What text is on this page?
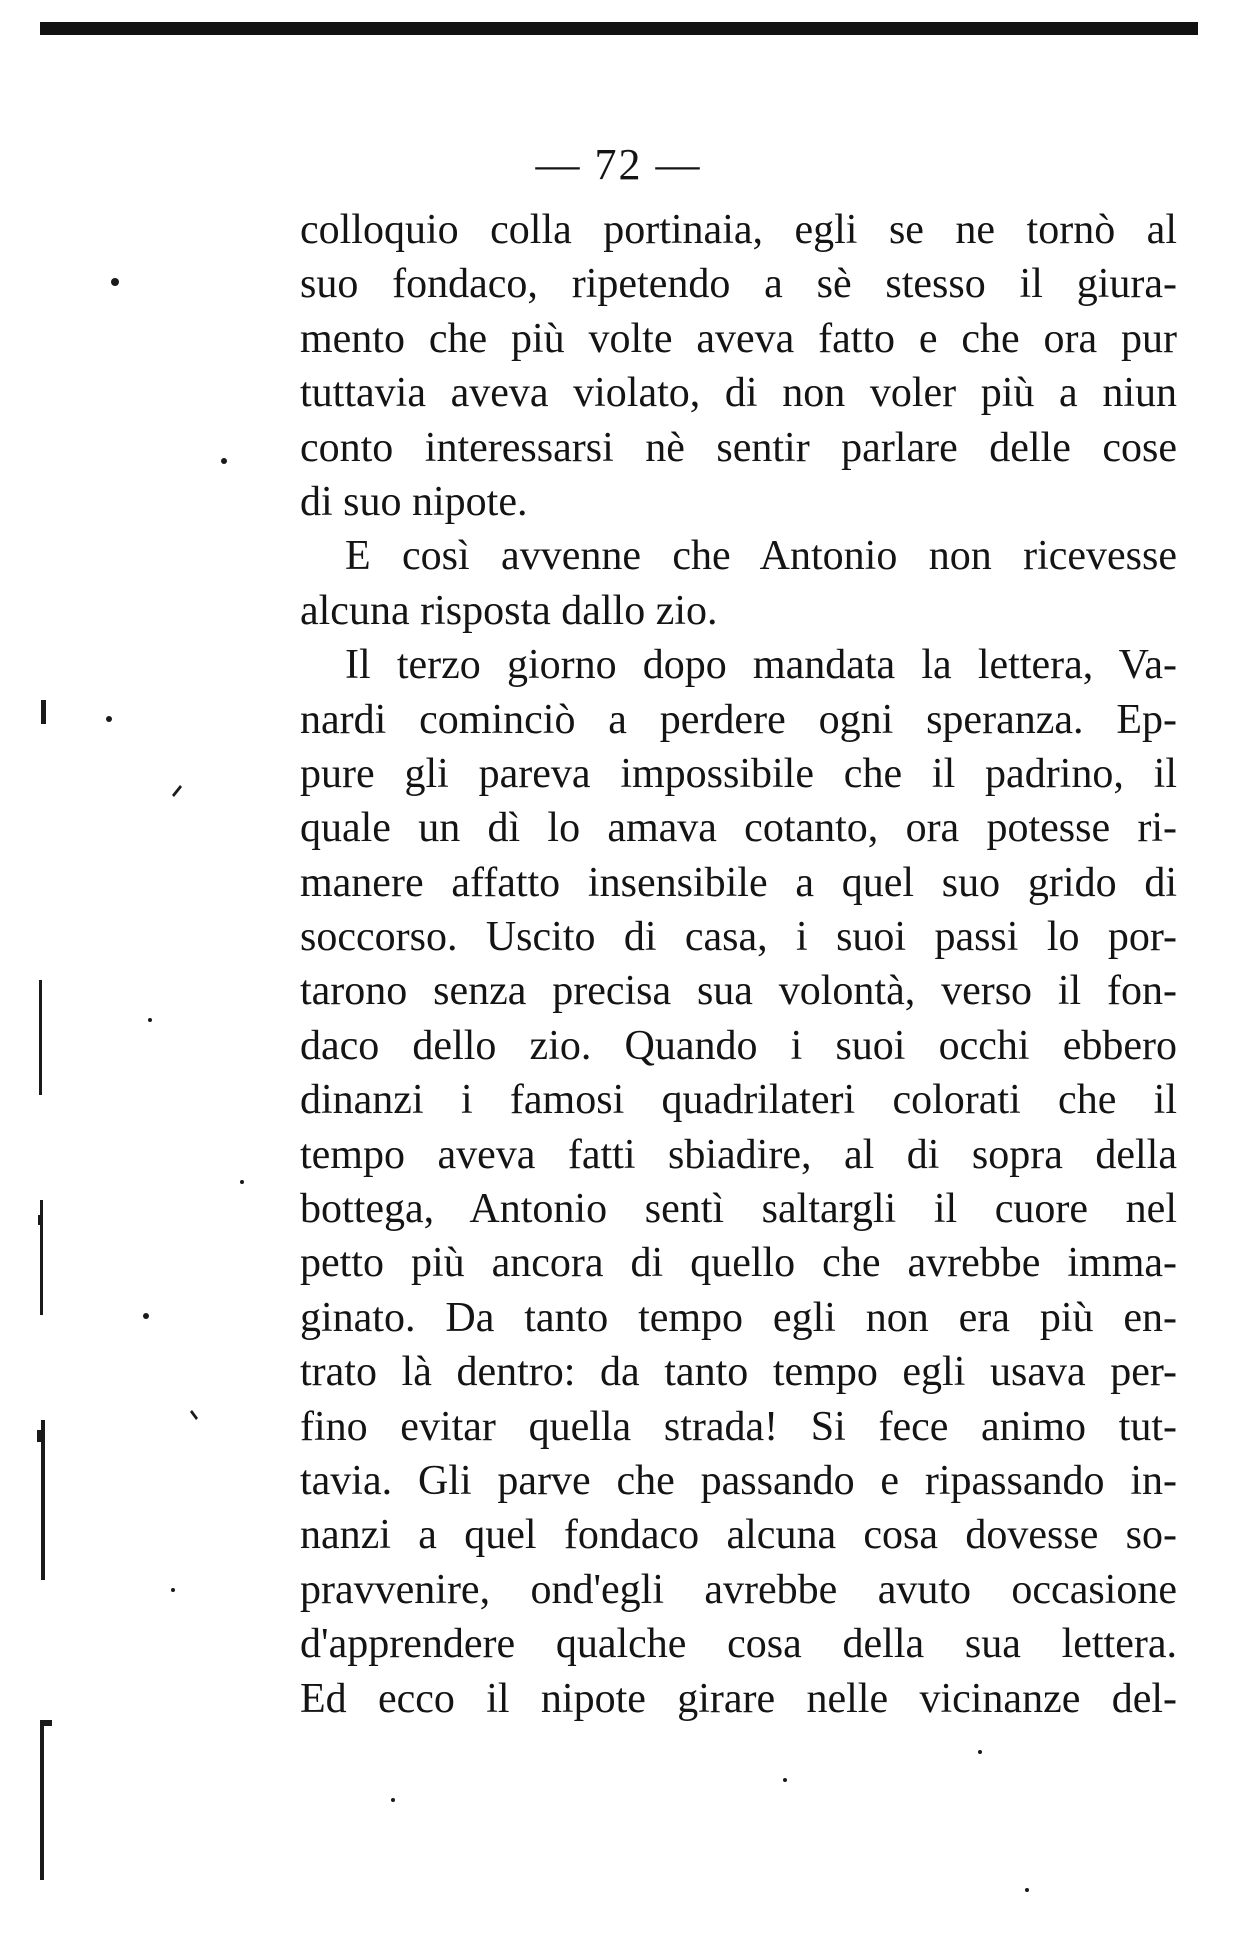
— 72 —

colloquio colla portinaia, egli se ne tornò al
suo fondaco, ripetendo a sè stesso il giura-
mento che più volte aveva fatto e che ora pur
tuttavia aveva violato, di non voler più a niun
conto interessarsi nè sentir parlare delle cose
di suo nipote.

E così avvenne che Antonio non ricevesse
alcuna risposta dallo zio.

Il terzo giorno dopo mandata la lettera, Va-
nardi cominciò a perdere ogni speranza. Ep-
pure gli pareva impossibile che il padrino, il
quale un dì lo amava cotanto, ora potesse ri-
manere affatto insensibile a quel suo grido di
soccorso. Uscito di casa, i suoi passi lo por-
tarono senza precisa sua volontà, verso il fon-
daco dello zio. Quando i suoi occhi ebbero
dinanzi i famosi quadrilateri colorati che il
tempo aveva fatti sbiadire, al di sopra della
bottega, Antonio sentì saltargli il cuore nel
petto più ancora di quello che avrebbe imma-
ginato. Da tanto tempo egli non era più en-
trato là dentro: da tanto tempo egli usava per-
fino evitar quella strada! Si fece animo tut-
tavia. Gli parve che passando e ripassando in-
nanzi a quel fondaco alcuna cosa dovesse so-
pravvenire, ond'egli avrebbe avuto occasione
d'apprendere qualche cosa della sua lettera.
Ed ecco il nipote girare nelle vicinanze del-
